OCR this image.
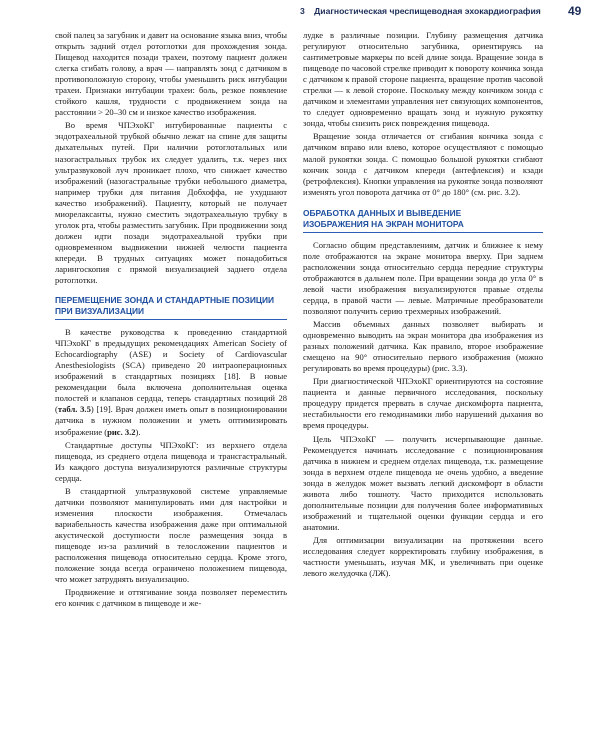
3 Диагностическая чреспищеводная эхокардиография 49

свой палец за загубник и давит на основание языка вниз, чтобы открыть задний отдел ротоглотки для прохождения зонда. Пищевод находится позади трахеи, поэтому пациент должен слегка сгибать голову, а врач — направлять зонд с датчиком в противоположную сторону, чтобы уменьшить риск интубации трахеи. Признаки интубации трахеи: боль, резкое появление стойкого кашля, трудности с продвижением зонда на расстоянии > 20–30 см и низкое качество изображения.

Во время ЧПЭхоКГ интубированные пациенты с эндотрахеальной трубкой обычно лежат на спине для защиты дыхательных путей. При наличии ротоглотальных или назогастральных трубок их следует удалить, т.к. через них ультразвуковой луч проникает плохо, что снижает качество изображений (назогастральные трубки небольшого диаметра, например трубки для питания Добхоффа, не ухудшают качество изображений). Пациенту, который не получает миорелаксанты, нужно сместить эндотрахеальную трубку в уголок рта, чтобы разместить загубник. При продвижении зонд должен идти позади эндотрахеальной трубки при одновременном выдвижении нижней челюсти пациента кпереди. В трудных ситуациях может понадобиться ларингоскопия с прямой визуализацией заднего отдела ротоглотки.

ПЕРЕМЕЩЕНИЕ ЗОНДА И СТАНДАРТНЫЕ ПОЗИЦИИ
ПРИ ВИЗУАЛИЗАЦИИ

В качестве руководства к проведению стандартной ЧПЭхоКГ в предыдущих рекомендациях American Society of Echocardiography (ASE) и Society of Cardiovascular Anesthesiologists (SCA) приведено 20 интраоперационных изображений в стандартных позициях [18]. В новые рекомендации была включена дополнительная оценка полостей и клапанов сердца, теперь стандартных позиций 28 (табл. 3.5) [19]. Врач должен иметь опыт в позиционировании датчика в нужном положении и уметь оптимизировать изображение (рис. 3.2).

Стандартные доступы ЧПЭхоКГ: из верхнего отдела пищевода, из среднего отдела пищевода и трансгастральный. Из каждого доступа визуализируются различные структуры сердца.

В стандартной ультразвуковой системе управляемые датчики позволяют манипулировать ими для настройки и изменения плоскости изображения. Отмечалась вариабельность качества изображения даже при оптимальной акустической доступности после размещения зонда в пищеводе из-за различий в телосложении пациентов и расположения пищевода относительно сердца. Кроме этого, положение зонда всегда ограничено положением пищевода, что может затруднять визуализацию.

Продвижение и оттягивание зонда позволяет переместить его кончик с датчиком в пищеводе и же-

лудке в различные позиции. Глубину размещения датчика регулируют относительно загубника, ориентируясь на сантиметровые маркеры по всей длине зонда. Вращение зонда в пищеводе по часовой стрелке приводит к повороту кончика зонда с датчиком к правой стороне пациента, вращение против часовой стрелки — к левой стороне. Поскольку между кончиком зонда с датчиком и элементами управления нет связующих компонентов, то следует одновременно вращать зонд и нужную рукоятку зонда, чтобы снизить риск повреждения пищевода.

Вращение зонда отличается от сгибания кончика зонда с датчиком вправо или влево, которое осуществляют с помощью малой рукоятки зонда. С помощью большой рукоятки сгибают кончик зонда с датчиком кпереди (антефлексия) и кзади (ретрофлексия). Кнопки управления на рукоятке зонда позволяют изменять угол поворота датчика от 0° до 180° (см. рис. 3.2).

ОБРАБОТКА ДАННЫХ И ВЫВЕДЕНИЕ
ИЗОБРАЖЕНИЯ НА ЭКРАН МОНИТОРА

Согласно общим представлениям, датчик и ближнее к нему поле отображаются на экране монитора вверху. При заднем расположении зонда относительно сердца передние структуры отображаются в дальнем поле. При вращении зонда до угла 0° в левой части изображения визуализируются правые отделы сердца, в правой части — левые. Матричные преобразователи позволяют получить серию трехмерных изображений.

Массив объемных данных позволяет выбирать и одновременно выводить на экран монитора два изображения из разных положений датчика. Как правило, второе изображение смещено на 90° относительно первого изображения (можно регулировать во время процедуры) (рис. 3.3).

При диагностической ЧПЭхоКГ ориентируются на состояние пациента и данные первичного исследования, поскольку процедуру придется прервать в случае дискомфорта пациента, нестабильности его гемодинамики либо нарушений дыхания во время процедуры.

Цель ЧПЭхоКГ — получить исчерпывающие данные. Рекомендуется начинать исследование с позиционирования датчика в нижнем и среднем отделах пищевода, т.к. размещение зонда в верхнем отделе пищевода не очень удобно, а введение зонда в желудок может вызвать легкий дискомфорт в области живота либо тошноту. Часто приходится использовать дополнительные позиции для получения более информативных изображений и тщательной оценки функции сердца и его анатомии.

Для оптимизации визуализации на протяжении всего исследования следует корректировать глубину изображения, в частности уменьшать, изучая МК, и увеличивать при оценке левого желудочка (ЛЖ).
